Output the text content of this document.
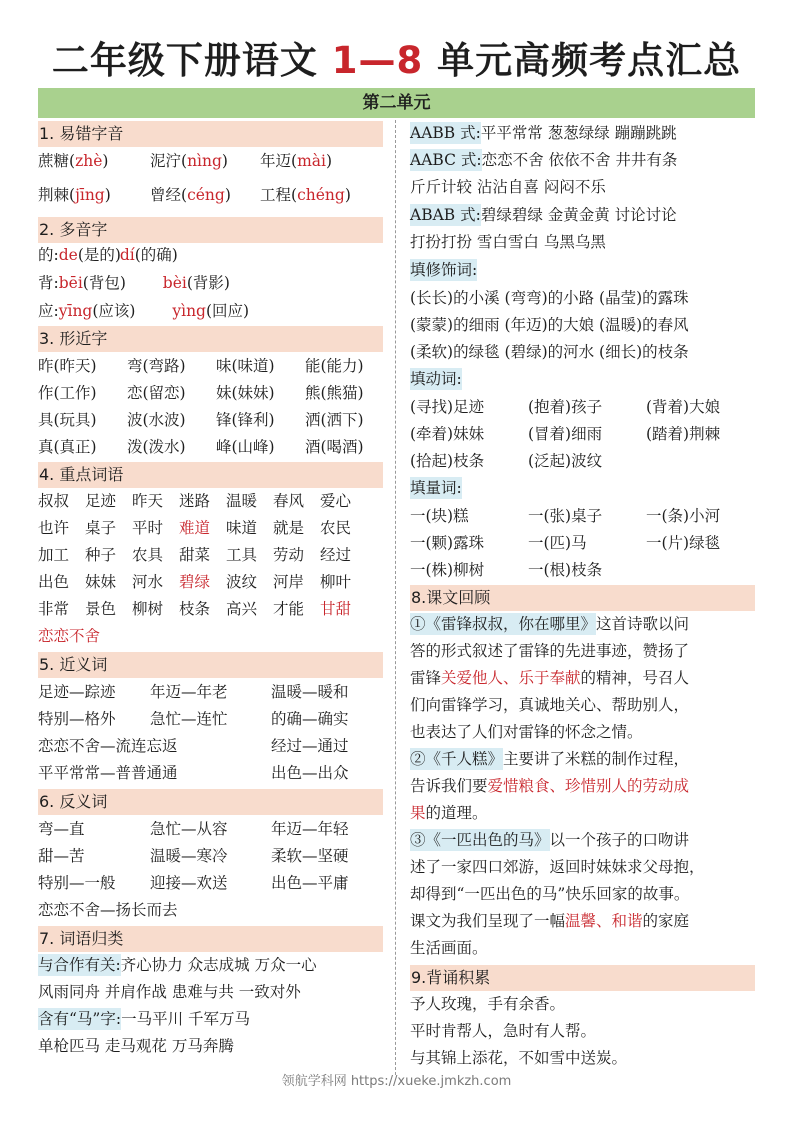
二年级下册语文 1—8 单元高频考点汇总
第二单元
1. 易错字音
蔗糖(zhè)	泥泞(nìng) 年迈(mài)
荆棘(jīng)	曾经(céng) 工程(chéng)
2. 多音字
的:de(是的)dí(的确)
背:bēi(背包) bèi(背影)
应:yīng(应该) yìng(回应)
3. 形近字
昨(昨天) 弯(弯路) 味(味道) 能(能力)
作(工作) 恋(留恋) 妹(妹妹) 熊(熊猫)
具(玩具) 波(水波) 锋(锋利) 洒(洒下)
真(真正) 泼(泼水) 峰(山峰) 酒(喝酒)
4. 重点词语
叔叔 足迹 昨天 迷路 温暖 春风 爱心
也许 桌子 平时 难道 味道 就是 农民
加工 种子 农具 甜菜 工具 劳动 经过
出色 妹妹 河水 碧绿 波纹 河岸 柳叶
非常 景色 柳树 枝条 高兴 才能 甘甜
恋恋不舍
5. 近义词
足迹—踪迹 年迈—年老	温暖—暖和
特别—格外 急忙—连忙	的确—确实
恋恋不舍—流连忘返	经过—通过
平平常常—普普通通	出色—出众
6. 反义词
弯—直	急忙—从容	年迈—年轻
甜—苦	温暖—寒冷	柔软—坚硬
特别—一般 迎接—欢送	出色—平庸
恋恋不舍—扬长而去
7. 词语归类
与合作有关:齐心协力 众志成城 万众一心
风雨同舟 并肩作战 患难与共 一致对外
含有“马”字:一马平川 千军万马
单枪匹马 走马观花 万马奔腾
AABB 式:平平常常 葱葱绿绿 蹦蹦跳跳
AABC 式:恋恋不舍 依依不舍 井井有条
斤斤计较 沾沾自喜 闷闷不乐
ABAB 式:碧绿碧绿 金黄金黄 讨论讨论
打扮打扮 雪白雪白 乌黑乌黑
填修饰词:
(长长)的小溪 (弯弯)的小路 (晶莹)的露珠
(蒙蒙)的细雨 (年迈)的大娘 (温暖)的春风
(柔软)的绿毯 (碧绿)的河水 (细长)的枝条
填动词:
(寻找)足迹	(抱着)孩子	(背着)大娘
(牵着)妹妹	(冒着)细雨	(踏着)荆棘
(拾起)枝条	(泛起)波纹
填量词:
一(块)糕	一(张)桌子	一(条)小河
一(颗)露珠	一(匹)马	一(片)绿毯
一(株)柳树	一(根)枝条
8.课文回顾
①《雷锋叔叔，你在哪里》这首诗歌以问
答的形式叙述了雷锋的先进事迹，赞扬了
雷锋关爱他人、乐于奉献的精神，号召人
们向雷锋学习，真诚地关心、帮助别人，
也表达了人们对雷锋的怀念之情。
②《千人糕》主要讲了米糕的制作过程，
告诉我们要爱惜粮食、珍惜别人的劳动成
果的道理。
③《一匹出色的马》以一个孩子的口吻讲
述了一家四口郊游，返回时妹妹求父母抱，
却得到“一匹出色的马”快乐回家的故事。
课文为我们呈现了一幅温馨、和谐的家庭
生活画面。
9.背诵积累
予人玫瑰，手有余香。
平时肯帮人，急时有人帮。
与其锦上添花，不如雪中送炭。
领航学科网 https://xueke.jmkzh.com
